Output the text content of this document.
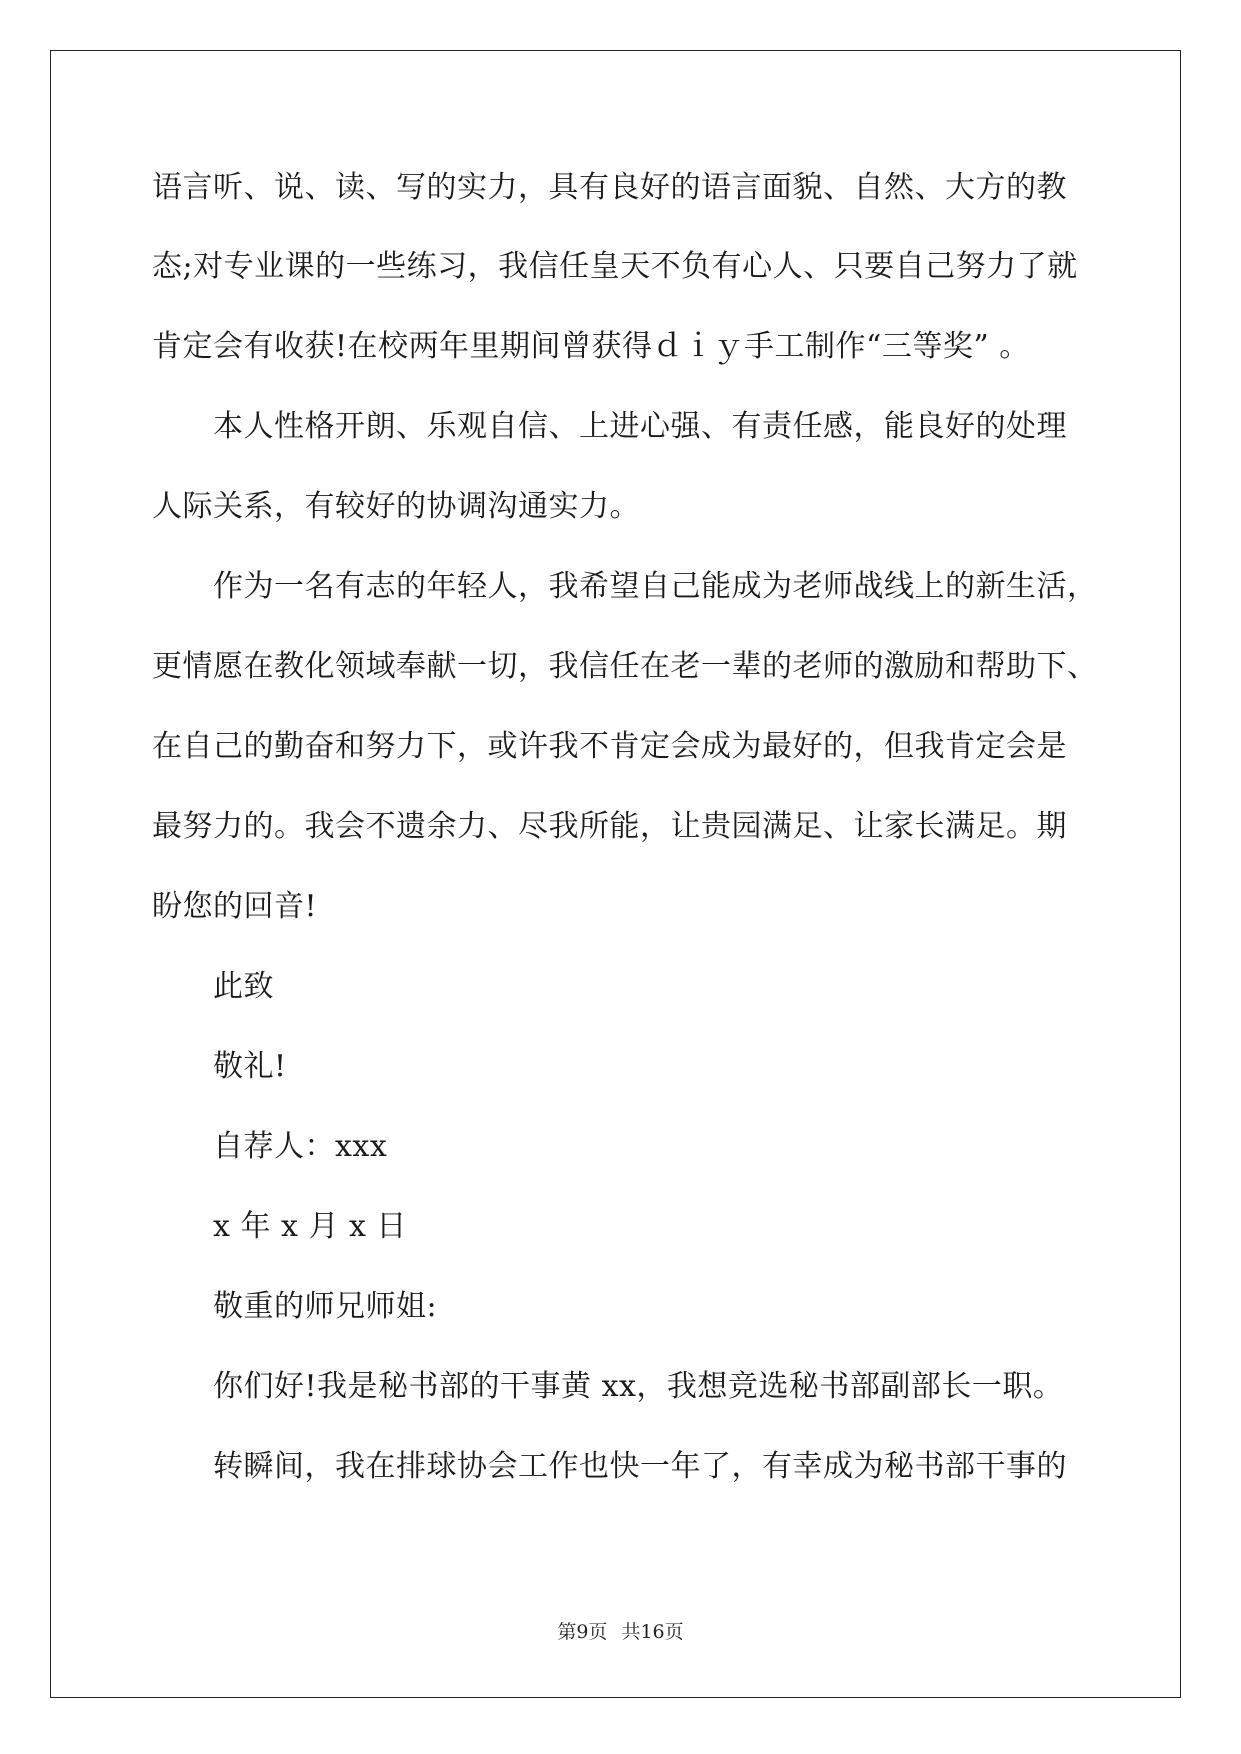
语言听、说、读、写的实力，具有良好的语言面貌、自然、大方的教
态;对专业课的一些练习，我信任皇天不负有心人、只要自己努力了就
肯定会有收获!在校两年里期间曾获得ｄｉｙ手工制作“三等奖” 。
本人性格开朗、乐观自信、上进心强、有责任感，能良好的处理
人际关系，有较好的协调沟通实力。
作为一名有志的年轻人，我希望自己能成为老师战线上的新生活，
更情愿在教化领域奉献一切，我信任在老一辈的老师的激励和帮助下、
在自己的勤奋和努力下，或许我不肯定会成为最好的，但我肯定会是
最努力的。我会不遗余力、尽我所能，让贵园满足、让家长满足。期
盼您的回音!
此致
敬礼!
自荐人：xxx
x 年 x 月 x 日
敬重的师兄师姐:
你们好!我是秘书部的干事黄 xx，我想竞选秘书部副部长一职。
转瞬间，我在排球协会工作也快一年了，有幸成为秘书部干事的
第9页 共16页
